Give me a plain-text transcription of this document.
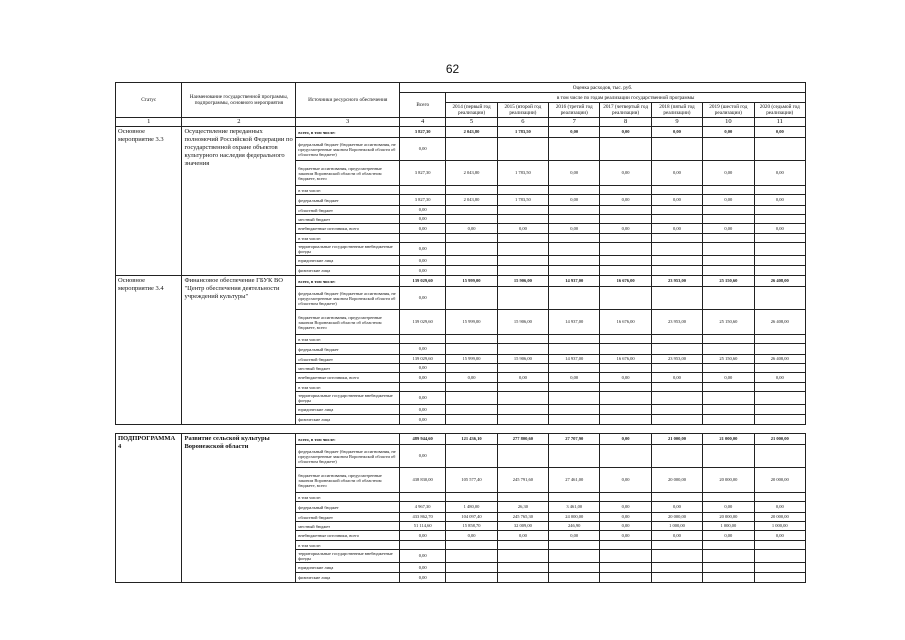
62
Статус	Наименование государственной программы, подпрограммы, основного мероприятия	Источники ресурсного обеспечения	Оценка расходов, тыс. руб.							
			Всего	в том числе по годам реализации государственной программы						
				2014 (первый год реализации)	2015 (второй год реализации)	2016 (третий год реализации)	2017 (четвертый год реализации)	2018 (пятый год реализации)	2019 (шестой год реализации)	2020 (седьмой год реализации)
1	2	3	4	5	6	7	8	9	10	11
Основное мероприятие 3.3	Осуществление переданных полномочий Российской Федерации по государственной охране объектов культурного наследия федерального значения	всего, в том числе:	3 827,30	2 043,80	1 783,50	0,00	0,00	0,00	0,00	0,00
		федеральный бюджет (бюджетные ассигнования, не предусмотренные законом Воронежской области об областном бюджете)	0,00							
		бюджетные ассигнования, предусмотренные законом Воронежской области об областном бюджете, всего	3 827,30	2 043,80	1 783,50	0,00	0,00	0,00	0,00	0,00
		в том числе:								
		федеральный бюджет	3 827,30	2 043,80	1 783,50	0,00	0,00	0,00	0,00	0,00
		областной бюджет	0,00							
		местный бюджет	0,00							
		внебюджетные источники, всего	0,00	0,00	0,00	0,00	0,00	0,00	0,00	0,00
		в том числе:								
		территориальные государственные внебюджетные фонды	0,00							
		юридические лица	0,00							
		физические лица	0,00							
Основное мероприятие 3.4	Финансовое обеспечение ГБУК ВО "Центр обеспечения деятельности учреждений культуры"	всего, в том числе:	139 029,60	15 999,00	15 906,00	14 937,00	16 676,00	23 953,00	25 150,60	26 408,00
		федеральный бюджет (бюджетные ассигнования, не предусмотренные законом Воронежской области об областном бюджете)	0,00							
		бюджетные ассигнования, предусмотренные законом Воронежской области об областном бюджете, всего	139 029,60	15 999,00	15 906,00	14 937,00	16 676,00	23 953,00	25 150,60	26 408,00
		в том числе:								
		федеральный бюджет	0,00							
		областной бюджет	139 029,60	15 999,00	15 906,00	14 937,00	16 676,00	23 953,00	25 150,60	26 408,00
		местный бюджет	0,00							
		внебюджетные источники, всего	0,00	0,00	0,00	0,00	0,00	0,00	0,00	0,00
		в том числе:								
		территориальные государственные внебюджетные фонды	0,00							
		юридические лица	0,00							
		физические лица	0,00							

ПОДПРОГРАММА 4	Развитие сельской культуры Воронежской области	всего, в том числе:	489 944,60	121 436,10	277 800,60	27 707,90	0,00	21 000,00	21 000,00	21 000,00
		федеральный бюджет (бюджетные ассигнования, не предусмотренные законом Воронежской области об областном бюджете)	0,00							
		бюджетные ассигнования, предусмотренные законом Воронежской области об областном бюджете, всего	438 830,00	105 577,40	245 791,60	27 461,00	0,00	20 000,00	20 000,00	20 000,00
		в том числе:								
		федеральный бюджет	4 967,30	1 480,00	26,30	3 461,00	0,00	0,00	0,00	0,00
		областной бюджет	433 862,70	104 097,40	245 765,30	24 000,00	0,00	20 000,00	20 000,00	20 000,00
		местный бюджет	51 114,60	15 858,70	32 009,00	246,90	0,00	1 000,00	1 000,00	1 000,00
		внебюджетные источники, всего	0,00	0,00	0,00	0,00	0,00	0,00	0,00	0,00
		в том числе:								
		территориальные государственные внебюджетные фонды	0,00							
		юридические лица	0,00							
		физические лица	0,00							
